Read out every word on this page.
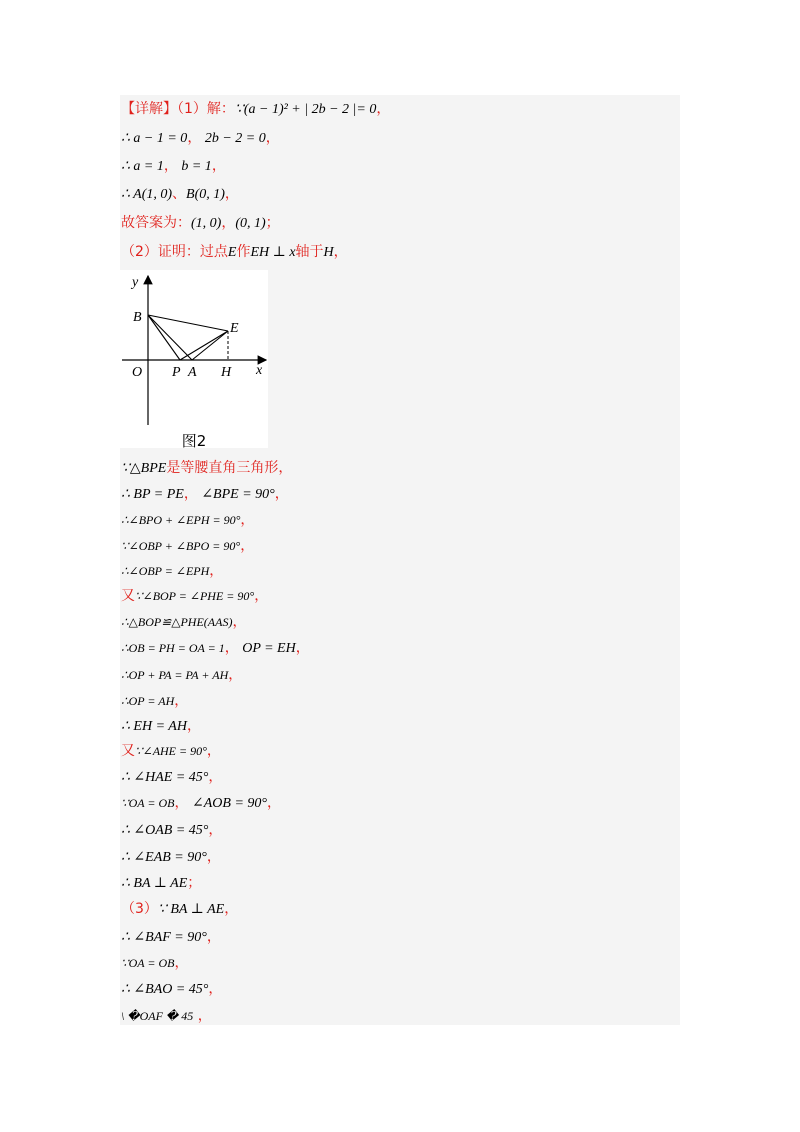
【详解】（1）解：∵(a − 1)² + | 2b − 2 |= 0，
∴ a − 1 = 0， 2b − 2 = 0，
∴ a = 1， b = 1，
∴ A(1, 0)、B(0, 1)，
故答案为：(1, 0)，(0, 1)；
（2）证明：过点E作EH ⊥ x轴于H，
∵△BPE是等腰直角三角形，
∴ BP = PE， ∠BPE = 90°，
∴∠BPO + ∠EPH = 90°，
∵∠OBP + ∠BPO = 90°，
∴∠OBP = ∠EPH，
又∵∠BOP = ∠PHE = 90°，
∴△BOP≌△PHE(AAS)，
∴OB = PH = OA = 1， OP = EH，
∴OP + PA = PA + AH，
∴OP = AH，
∴ EH = AH，
又∵∠AHE = 90°，
∴ ∠HAE = 45°，
∵OA = OB， ∠AOB = 90°，
∴ ∠OAB = 45°，
∴ ∠EAB = 90°，
∴ BA ⊥ AE；
（3）∵ BA ⊥ AE，
∴ ∠BAF = 90°，
∵OA = OB，
∴ ∠BAO = 45°，
\ �OAF � 45 ，
y
B
E
O P A H x
图2
